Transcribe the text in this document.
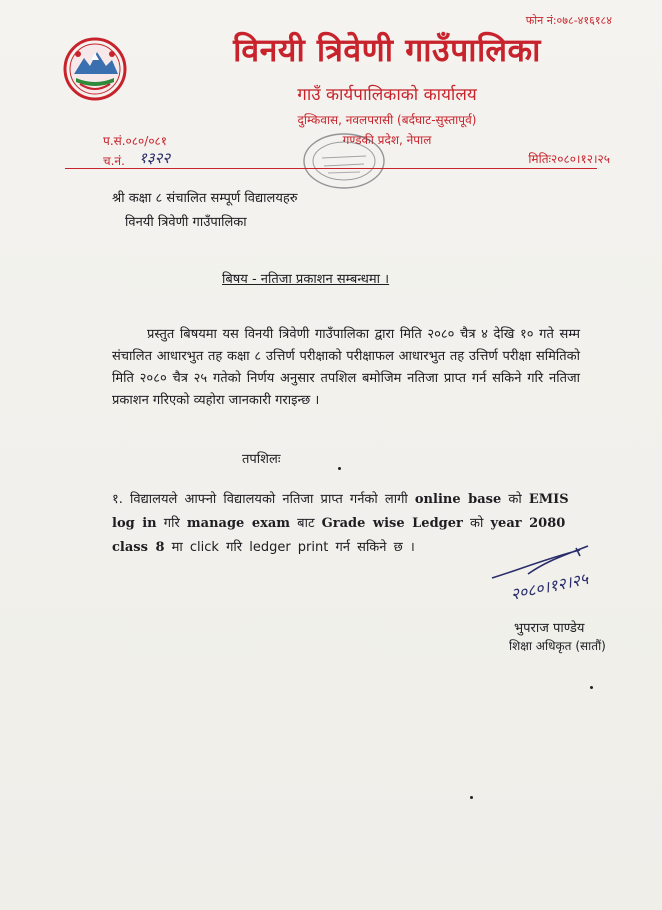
फोन नं:०७८-४१६१८४
विनयी त्रिवेणी गाउँपालिका
गाउँ कार्यपालिकाको कार्यालय
दुम्किवास, नवलपरासी (बर्दघाट-सुस्तापूर्व)
गण्डकी प्रदेश, नेपाल
प.सं.०८०/०८१
च.नं. १३२२	मितिः२०८०।१२।२५
श्री कक्षा ८ संचालित सम्पूर्ण विद्यालयहरु
विनयी त्रिवेणी गाउँपालिका
बिषय - नतिजा प्रकाशन सम्बन्धमा ।
प्रस्तुत बिषयमा यस विनयी त्रिवेणी गाउँपालिका द्वारा मिति २०८० चैत्र ४ देखि १० गते सम्म संचालित आधारभुत तह कक्षा ८ उत्तिर्ण परीक्षाको परीक्षाफल आधारभुत तह उत्तिर्ण परीक्षा समितिको मिति २०८० चैत्र २५ गतेको निर्णय अनुसार तपशिल बमोजिम नतिजा प्राप्त गर्न सकिने गरि नतिजा प्रकाशन गरिएको व्यहोरा जानकारी गराइन्छ ।
तपशिलः
१. विद्यालयले आफ्नो विद्यालयको नतिजा प्राप्त गर्नको लागी online base को EMIS log in गरि manage exam बाट Grade wise Ledger को year 2080 class 8 मा click गरि ledger print गर्न सकिने छ ।
२०८०।१२।२५
भुपराज पाण्डेय
शिक्षा अधिकृत (सातौं)
